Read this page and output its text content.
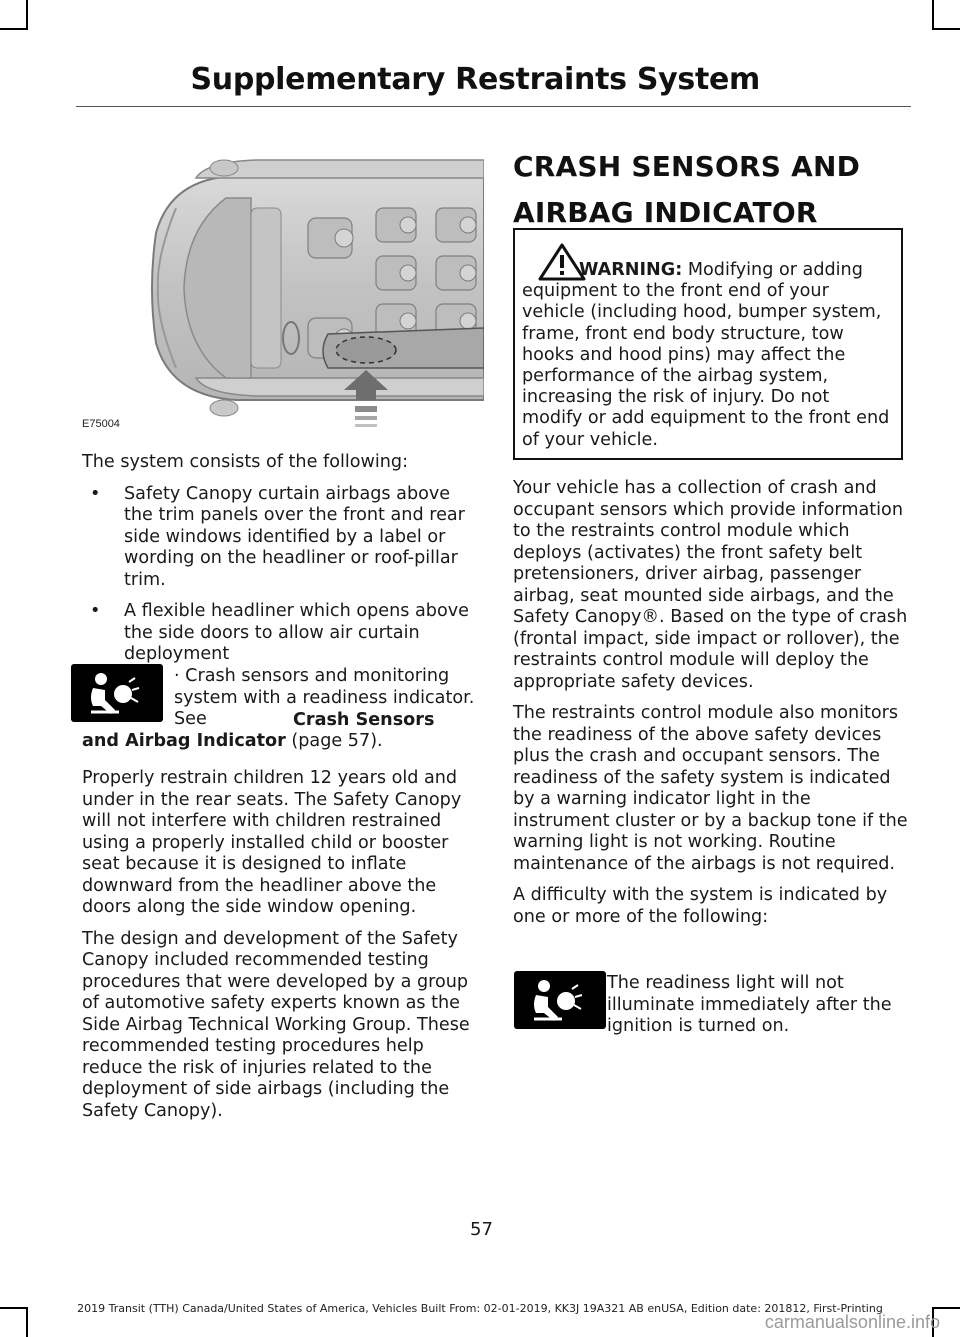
Supplementary Restraints System
E75004

The system consists of the following:

• Safety Canopy curtain airbags above the trim panels over the front and rear side windows identified by a label or wording on the headliner or roof-pillar trim.
• A flexible headliner which opens above the side doors to allow air curtain deployment
· Crash sensors and monitoring system with a readiness indicator. See	Crash Sensors
and Airbag Indicator (page 57).

Properly restrain children 12 years old and under in the rear seats. The Safety Canopy will not interfere with children restrained using a properly installed child or booster seat because it is designed to inflate downward from the headliner above the doors along the side window opening.

The design and development of the Safety Canopy included recommended testing procedures that were developed by a group of automotive safety experts known as the Side Airbag Technical Working Group. These recommended testing procedures help reduce the risk of injuries related to the deployment of side airbags (including the Safety Canopy).

CRASH SENSORS AND
AIRBAG INDICATOR
WARNING: Modifying or adding equipment to the front end of your vehicle (including hood, bumper system, frame, front end body structure, tow hooks and hood pins) may affect the performance of the airbag system, increasing the risk of injury. Do not modify or add equipment to the front end of your vehicle.

Your vehicle has a collection of crash and occupant sensors which provide information to the restraints control module which deploys (activates) the front safety belt pretensioners, driver airbag, passenger airbag, seat mounted side airbags, and the Safety Canopy®. Based on the type of crash (frontal impact, side impact or rollover), the restraints control module will deploy the appropriate safety devices.

The restraints control module also monitors the readiness of the above safety devices plus the crash and occupant sensors. The readiness of the safety system is indicated by a warning indicator light in the instrument cluster or by a backup tone if the warning light is not working. Routine maintenance of the airbags is not required.

A difficulty with the system is indicated by one or more of the following:

The readiness light will not illuminate immediately after the ignition is turned on.
57
2019 Transit (TTH) Canada/United States of America, Vehicles Built From: 02-01-2019, KK3J 19A321 AB enUSA, Edition date: 201812, First-Printing
carmanualsonline.info
